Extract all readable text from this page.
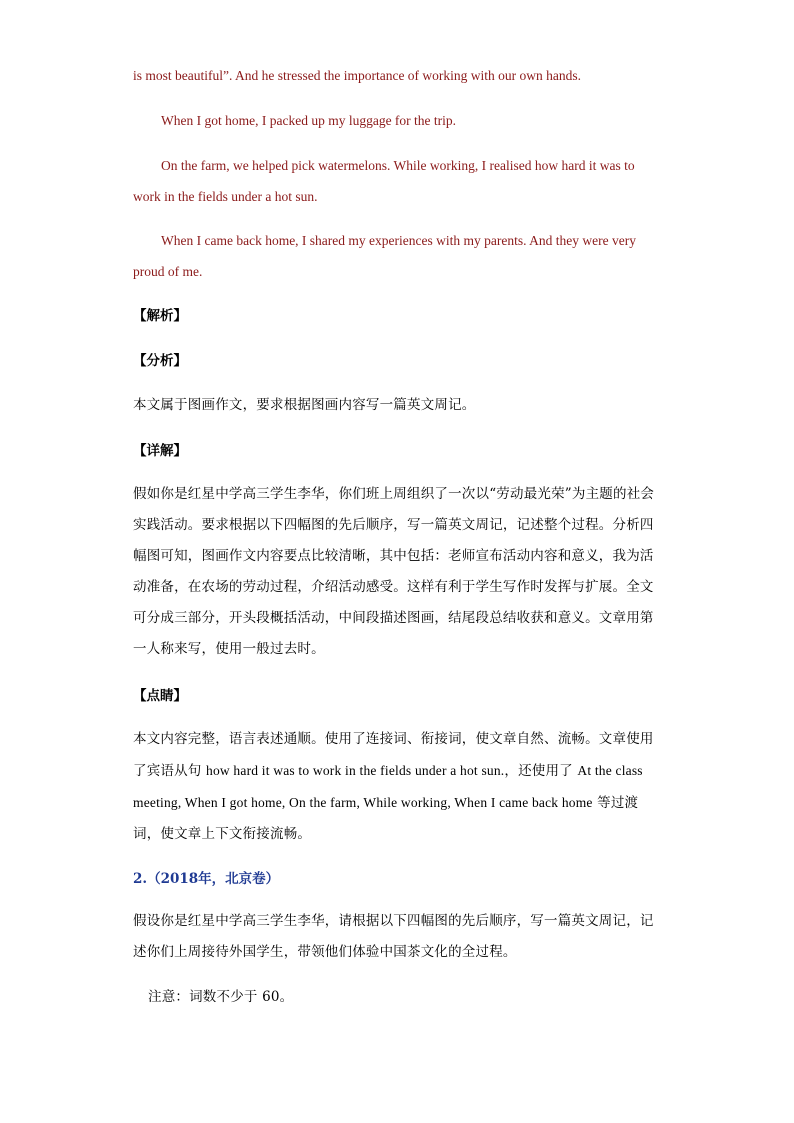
is most beautiful”. And he stressed the importance of working with our own hands.

When I got home, I packed up my luggage for the trip.

On the farm, we helped pick watermelons. While working, I realised how hard it was to work in the fields under a hot sun.

When I came back home, I shared my experiences with my parents. And they were very proud of me.

【解析】
【分析】

本文属于图画作文，要求根据图画内容写一篇英文周记。

【详解】

假如你是红星中学高三学生李华，你们班上周组织了一次以“劳动最光荣”为主题的社会实践活动。要求根据以下四幅图的先后顺序，写一篇英文周记，记述整个过程。分析四幅图可知，图画作文内容要点比较清晰，其中包括：老师宣布活动内容和意义，我为活动准备，在农场的劳动过程，介绍活动感受。这样有利于学生写作时发挥与扩展。全文可分成三部分，开头段概括活动，中间段描述图画，结尾段总结收获和意义。文章用第一人称来写，使用一般过去时。

【点睛】

本文内容完整，语言表述通顺。使用了连接词、衔接词，使文章自然、流畅。文章使用了宾语从句 how hard it was to work in the fields under a hot sun.，还使用了 At the class meeting, When I got home, On the farm, While working, When I came back home 等过渡词，使文章上下文衔接流畅。

2.（2018年，北京卷）

假设你是红星中学高三学生李华，请根据以下四幅图的先后顺序，写一篇英文周记，记述你们上周接待外国学生，带领他们体验中国茶文化的全过程。

注意：词数不少于 60。
